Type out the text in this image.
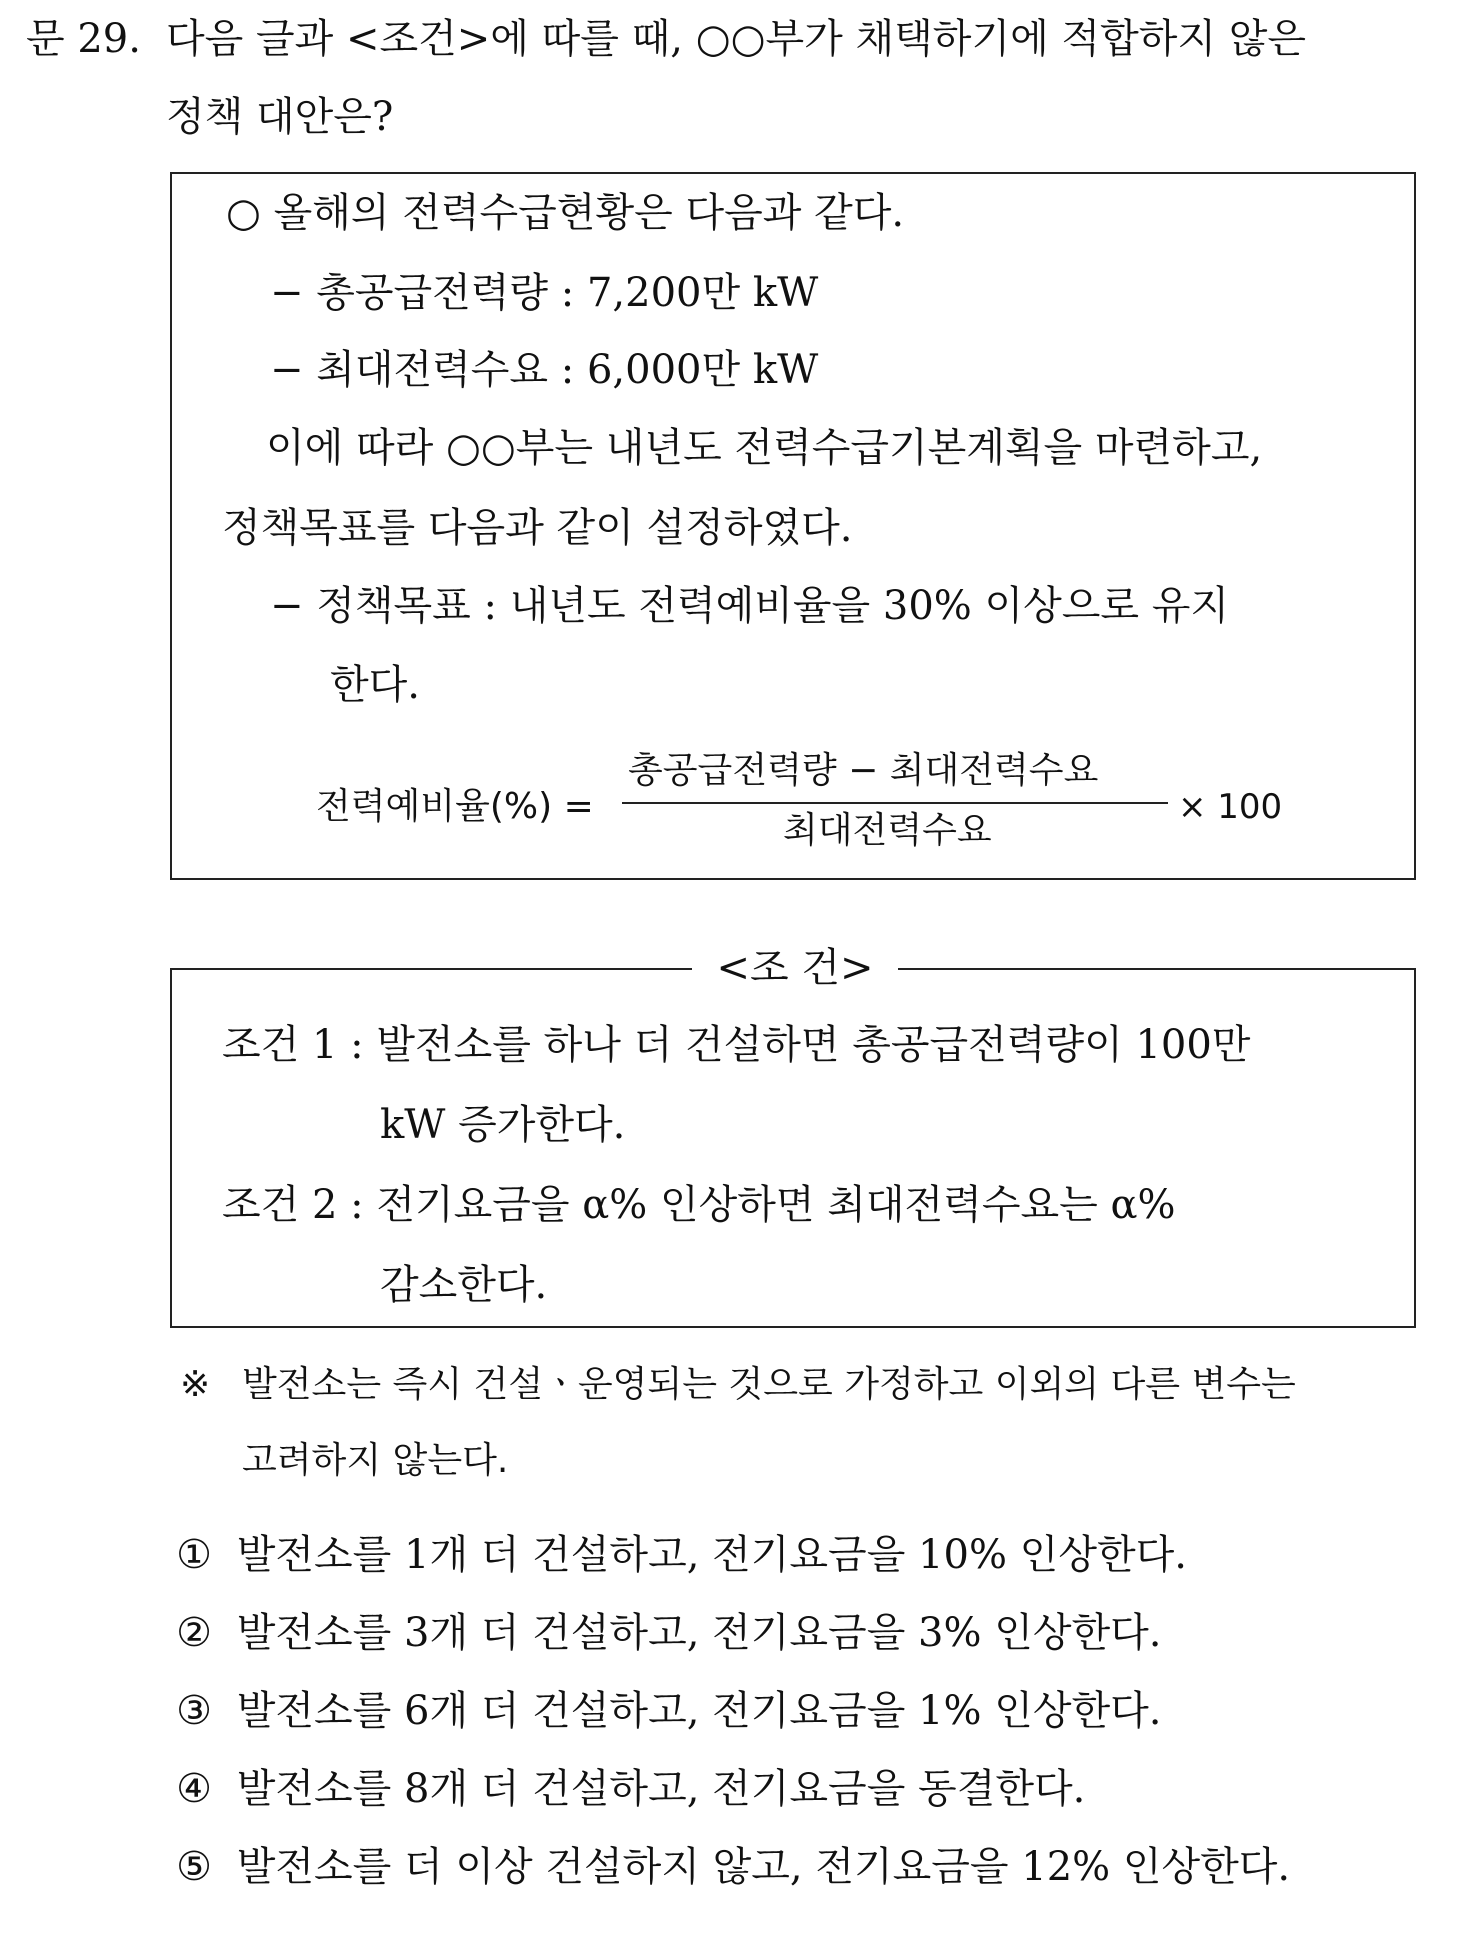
문 29. 다음 글과 <조건>에 따를 때, ○○부가 채택하기에 적합하지 않은
정책 대안은?
○ 올해의 전력수급현황은 다음과 같다.
− 총공급전력량 : 7,200만 kW
− 최대전력수요 : 6,000만 kW
이에 따라 ○○부는 내년도 전력수급기본계획을 마련하고,
정책목표를 다음과 같이 설정하였다.
− 정책목표 : 내년도 전력예비율을 30% 이상으로 유지
한다.
전력예비율(%) =
총공급전력량 − 최대전력수요
최대전력수요
× 100
<조 건>
조건 1 : 발전소를 하나 더 건설하면 총공급전력량이 100만
kW 증가한다.
조건 2 : 전기요금을 α% 인상하면 최대전력수요는 α%
감소한다.
※ 발전소는 즉시 건설ㆍ운영되는 것으로 가정하고 이외의 다른 변수는
고려하지 않는다.
① 발전소를 1개 더 건설하고, 전기요금을 10% 인상한다.
② 발전소를 3개 더 건설하고, 전기요금을 3% 인상한다.
③ 발전소를 6개 더 건설하고, 전기요금을 1% 인상한다.
④ 발전소를 8개 더 건설하고, 전기요금을 동결한다.
⑤ 발전소를 더 이상 건설하지 않고, 전기요금을 12% 인상한다.
